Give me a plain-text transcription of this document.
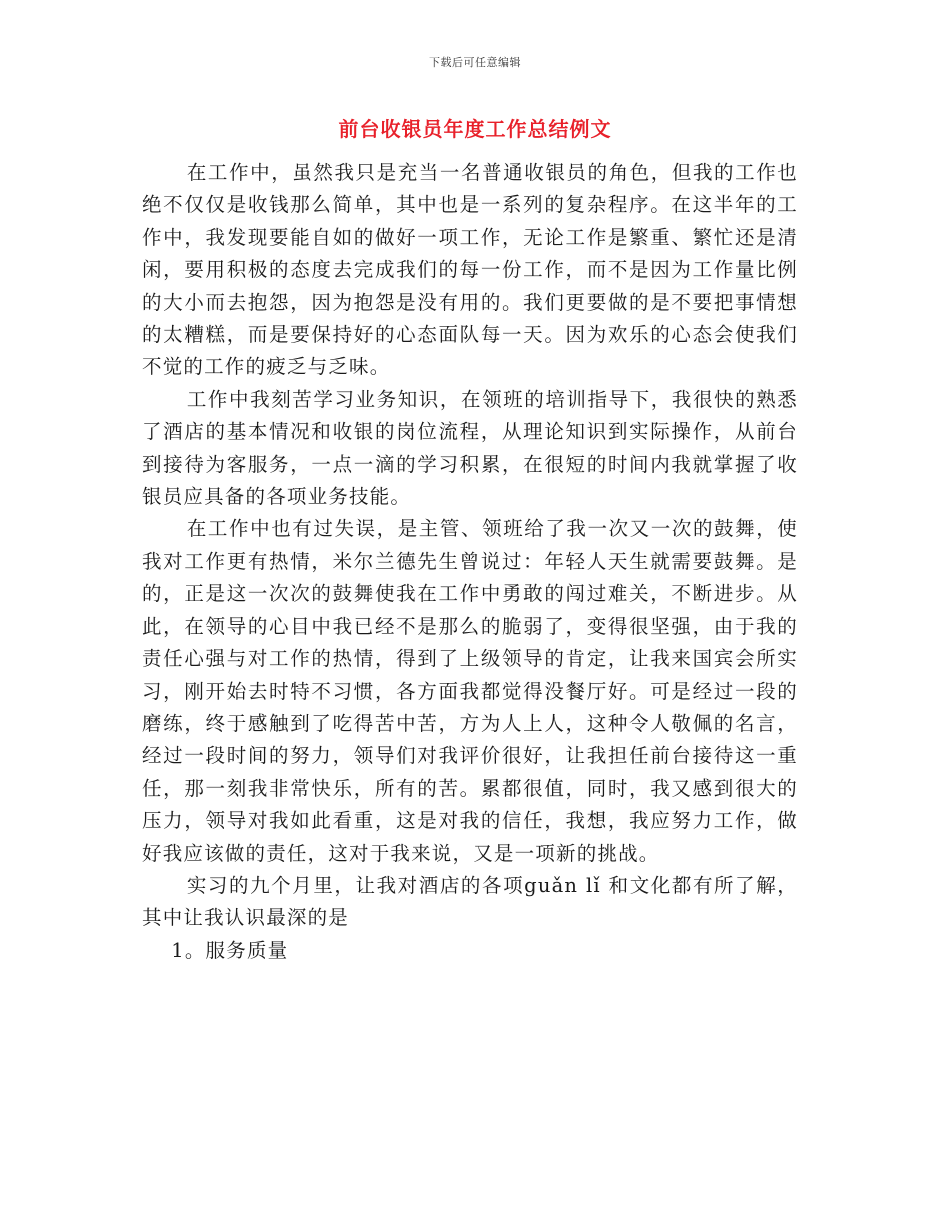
下载后可任意编辑
前台收银员年度工作总结例文

在工作中，虽然我只是充当一名普通收银员的角色，但我的工作也绝不仅仅是收钱那么简单，其中也是一系列的复杂程序。在这半年的工作中，我发现要能自如的做好一项工作，无论工作是繁重、繁忙还是清闲，要用积极的态度去完成我们的每一份工作，而不是因为工作量比例的大小而去抱怨，因为抱怨是没有用的。我们更要做的是不要把事情想的太糟糕，而是要保持好的心态面队每一天。因为欢乐的心态会使我们不觉的工作的疲乏与乏味。

工作中我刻苦学习业务知识，在领班的培训指导下，我很快的熟悉了酒店的基本情况和收银的岗位流程，从理论知识到实际操作，从前台到接待为客服务，一点一滴的学习积累，在很短的时间内我就掌握了收银员应具备的各项业务技能。

在工作中也有过失误，是主管、领班给了我一次又一次的鼓舞，使我对工作更有热情，米尔兰德先生曾说过：年轻人天生就需要鼓舞。是的，正是这一次次的鼓舞使我在工作中勇敢的闯过难关，不断进步。从此，在领导的心目中我已经不是那么的脆弱了，变得很坚强，由于我的责任心强与对工作的热情，得到了上级领导的肯定，让我来国宾会所实习，刚开始去时特不习惯，各方面我都觉得没餐厅好。可是经过一段的磨练，终于感触到了吃得苦中苦，方为人上人，这种令人敬佩的名言，经过一段时间的努力，领导们对我评价很好，让我担任前台接待这一重任，那一刻我非常快乐，所有的苦。累都很值，同时，我又感到很大的压力，领导对我如此看重，这是对我的信任，我想，我应努力工作，做好我应该做的责任，这对于我来说，又是一项新的挑战。

实习的九个月里，让我对酒店的各项guǎn lǐ 和文化都有所了解，其中让我认识最深的是

1。服务质量
